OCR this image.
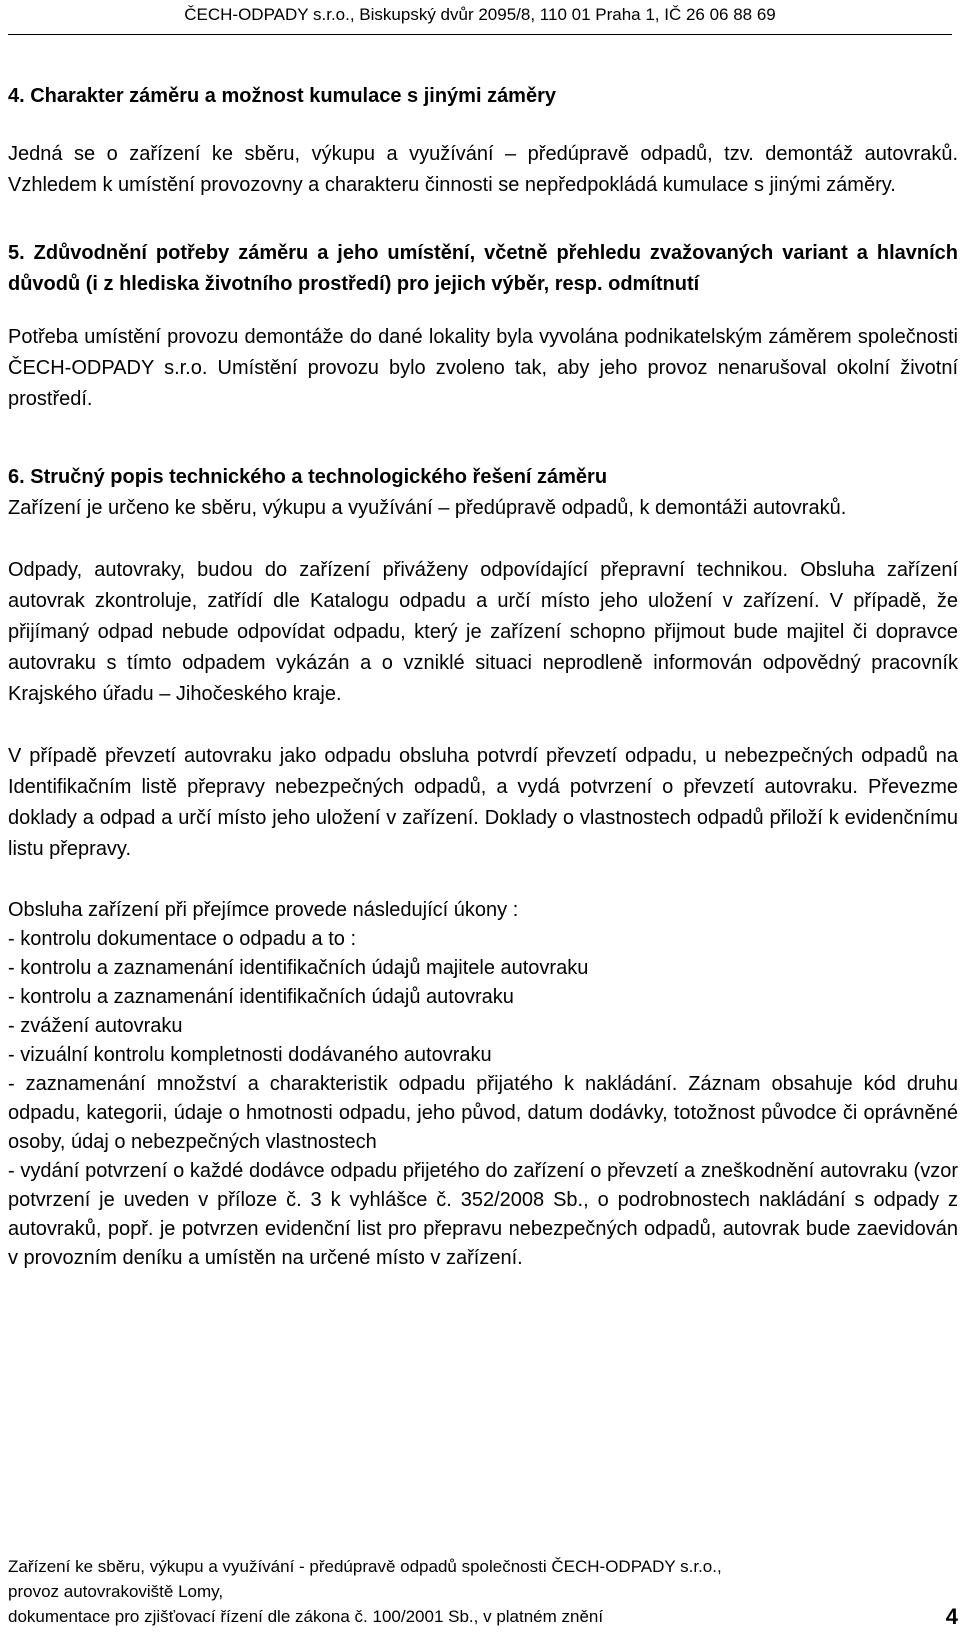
ČECH-ODPADY s.r.o., Biskupský dvůr 2095/8, 110 01 Praha 1, IČ 26 06 88 69
4. Charakter záměru a možnost kumulace s jinými záměry

Jedná se o zařízení ke sběru, výkupu a využívání – předúpravě odpadů, tzv. demontáž autovraků. Vzhledem k umístění provozovny a charakteru činnosti se nepředpokládá kumulace s jinými záměry.

5. Zdůvodnění potřeby záměru a jeho umístění, včetně přehledu zvažovaných variant a hlavních důvodů (i z hlediska životního prostředí) pro jejich výběr, resp. odmítnutí

Potřeba umístění provozu demontáže do dané lokality byla vyvolána podnikatelským záměrem společnosti ČECH-ODPADY s.r.o. Umístění provozu bylo zvoleno tak, aby jeho provoz nenarušoval okolní životní prostředí.

6. Stručný popis technického a technologického řešení záměru

Zařízení je určeno ke sběru, výkupu a využívání – předúpravě odpadů, k demontáži autovraků.

Odpady, autovraky, budou do zařízení přiváženy odpovídající přepravní technikou. Obsluha zařízení autovrak zkontroluje, zatřídí dle Katalogu odpadu a určí místo jeho uložení v zařízení. V případě, že přijímaný odpad nebude odpovídat odpadu, který je zařízení schopno přijmout bude majitel či dopravce autovraku s tímto odpadem vykázán a o vzniklé situaci neprodleně informován odpovědný pracovník Krajského úřadu – Jihočeského kraje.

V případě převzetí autovraku jako odpadu obsluha potvrdí převzetí odpadu, u nebezpečných odpadů na Identifikačním listě přepravy nebezpečných odpadů, a vydá potvrzení o převzetí autovraku. Převezme doklady a odpad a určí místo jeho uložení v zařízení. Doklady o vlastnostech odpadů přiloží k evidenčnímu listu přepravy.

Obsluha zařízení při přejímce provede následující úkony :
- kontrolu dokumentace o odpadu a to :
- kontrolu a zaznamenání identifikačních údajů majitele autovraku
- kontrolu a zaznamenání identifikačních údajů autovraku
- zvážení autovraku
- vizuální kontrolu kompletnosti dodávaného autovraku

- zaznamenání množství a charakteristik odpadu přijatého k nakládání. Záznam obsahuje kód druhu odpadu, kategorii, údaje o hmotnosti odpadu, jeho původ, datum dodávky, totožnost původce či oprávněné osoby, údaj o nebezpečných vlastnostech

- vydání potvrzení o každé dodávce odpadu přijetého do zařízení o převzetí a zneškodnění autovraku (vzor potvrzení je uveden v příloze č. 3 k vyhlášce č. 352/2008 Sb., o podrobnostech nakládání s odpady z autovraků, popř. je potvrzen evidenční list pro přepravu nebezpečných odpadů, autovrak bude zaevidován v provozním deníku a umístěn na určené místo v zařízení.

Zařízení ke sběru, výkupu a využívání - předúpravě odpadů společnosti ČECH-ODPADY s.r.o.,
provoz autovrakoviště Lomy,
dokumentace pro zjišťovací řízení dle zákona č. 100/2001 Sb., v platném znění	4
